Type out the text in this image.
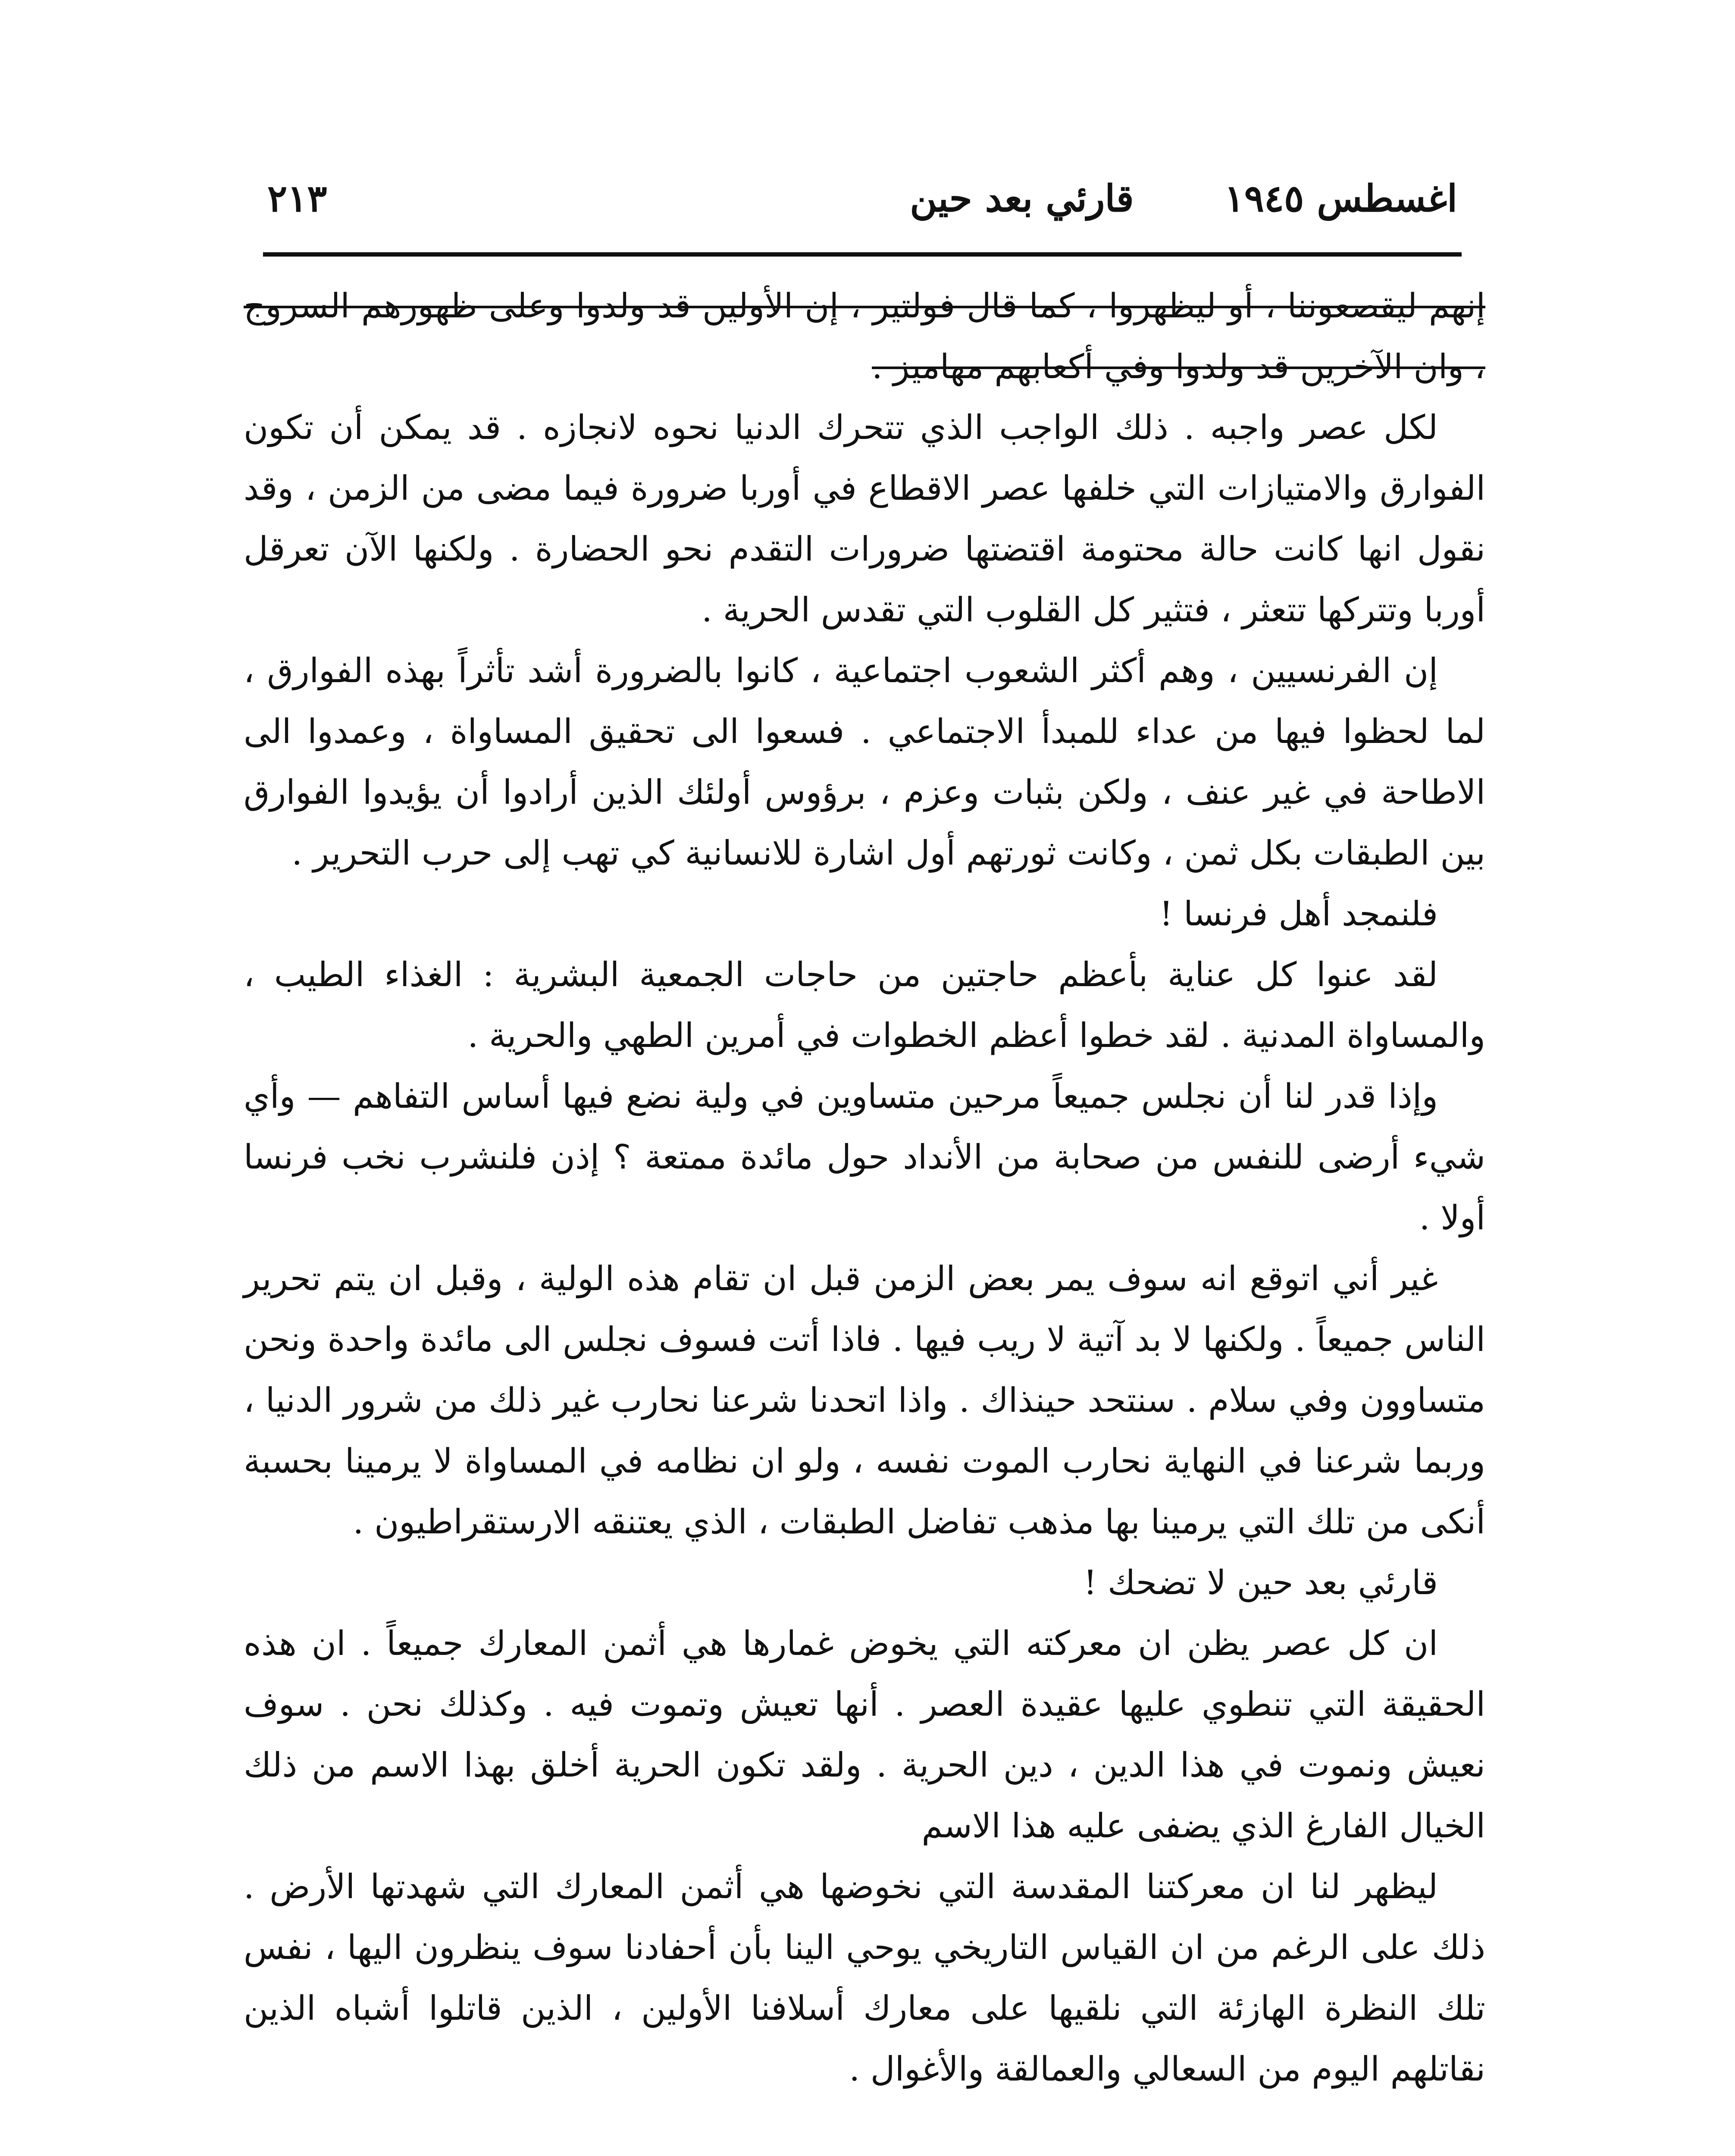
٢١٣	قارئي بعد حين اغسطس ١٩٤٥

إنهم ليقصعوننا ، أو ليظهروا ، كما قال فولتير ، إن الأولين قد ولدوا وعلى ظهورهم السروج ، وان الآخرين قد ولدوا وفي أكعابهم مهاميز .

لكل عصر واجبه . ذلك الواجب الذي تتحرك الدنيا نحوه لانجازه . قد يمكن أن تكون الفوارق والامتيازات التي خلفها عصر الاقطاع في أوربا ضرورة فيما مضى من الزمن ، وقد نقول انها كانت حالة محتومة اقتضتها ضرورات التقدم نحو الحضارة . ولكنها الآن تعرقل أوربا وتتركها تتعثر ، فتثير كل القلوب التي تقدس الحرية .

إن الفرنسيين ، وهم أكثر الشعوب اجتماعية ، كانوا بالضرورة أشد تأثراً بهذه الفوارق ، لما لحظوا فيها من عداء للمبدأ الاجتماعي . فسعوا الى تحقيق المساواة ، وعمدوا الى الاطاحة في غير عنف ، ولكن بثبات وعزم ، برؤوس أولئك الذين أرادوا أن يؤيدوا الفوارق بين الطبقات بكل ثمن ، وكانت ثورتهم أول اشارة للانسانية كي تهب إلى حرب التحرير .

فلنمجد أهل فرنسا !

لقد عنوا كل عناية بأعظم حاجتين من حاجات الجمعية البشرية : الغذاء الطيب ، والمساواة المدنية . لقد خطوا أعظم الخطوات في أمرين الطهي والحرية .

وإذا قدر لنا أن نجلس جميعاً مرحين متساوين في ولية نضع فيها أساس التفاهم — وأي شيء أرضى للنفس من صحابة من الأنداد حول مائدة ممتعة ؟ إذن فلنشرب نخب فرنسا أولا .

غير أني اتوقع انه سوف يمر بعض الزمن قبل ان تقام هذه الولية ، وقبل ان يتم تحرير الناس جميعاً . ولكنها لا بد آتية لا ريب فيها . فاذا أتت فسوف نجلس الى مائدة واحدة ونحن متساوون وفي سلام . سنتحد حينذاك . واذا اتحدنا شرعنا نحارب غير ذلك من شرور الدنيا ، وربما شرعنا في النهاية نحارب الموت نفسه ، ولو ان نظامه في المساواة لا يرمينا بحسبة أنكى من تلك التي يرمينا بها مذهب تفاضل الطبقات ، الذي يعتنقه الارستقراطيون .

قارئي بعد حين لا تضحك !

ان كل عصر يظن ان معركته التي يخوض غمارها هي أثمن المعارك جميعاً . ان هذه الحقيقة التي تنطوي عليها عقيدة العصر . أنها تعيش وتموت فيه . وكذلك نحن . سوف نعيش ونموت في هذا الدين ، دين الحرية . ولقد تكون الحرية أخلق بهذا الاسم من ذلك الخيال الفارغ الذي يضفى عليه هذا الاسم

ليظهر لنا ان معركتنا المقدسة التي نخوضها هي أثمن المعارك التي شهدتها الأرض . ذلك على الرغم من ان القياس التاريخي يوحي الينا بأن أحفادنا سوف ينظرون اليها ، نفس تلك النظرة الهازئة التي نلقيها على معارك أسلافنا الأولين ، الذين قاتلوا أشباه الذين نقاتلهم اليوم من السعالي والعمالقة والأغوال .
